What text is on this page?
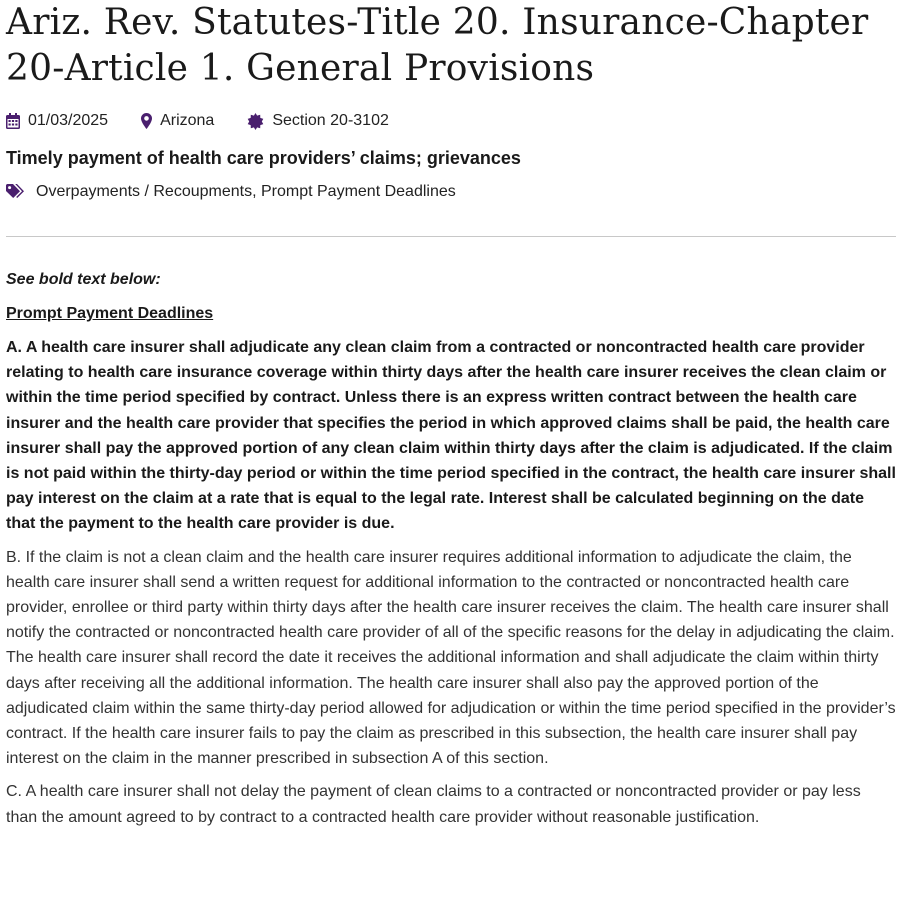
Ariz. Rev. Statutes-Title 20. Insurance-Chapter 20-Article 1. General Provisions
01/03/2025	Arizona	Section 20-3102
Timely payment of health care providers’ claims; grievances
Overpayments / Recoupments, Prompt Payment Deadlines
See bold text below:
Prompt Payment Deadlines

A. A health care insurer shall adjudicate any clean claim from a contracted or noncontracted health care provider relating to health care insurance coverage within thirty days after the health care insurer receives the clean claim or within the time period specified by contract. Unless there is an express written contract between the health care insurer and the health care provider that specifies the period in which approved claims shall be paid, the health care insurer shall pay the approved portion of any clean claim within thirty days after the claim is adjudicated. If the claim is not paid within the thirty-day period or within the time period specified in the contract, the health care insurer shall pay interest on the claim at a rate that is equal to the legal rate. Interest shall be calculated beginning on the date that the payment to the health care provider is due.

B. If the claim is not a clean claim and the health care insurer requires additional information to adjudicate the claim, the health care insurer shall send a written request for additional information to the contracted or noncontracted health care provider, enrollee or third party within thirty days after the health care insurer receives the claim. The health care insurer shall notify the contracted or noncontracted health care provider of all of the specific reasons for the delay in adjudicating the claim. The health care insurer shall record the date it receives the additional information and shall adjudicate the claim within thirty days after receiving all the additional information. The health care insurer shall also pay the approved portion of the adjudicated claim within the same thirty-day period allowed for adjudication or within the time period specified in the provider’s contract. If the health care insurer fails to pay the claim as prescribed in this subsection, the health care insurer shall pay interest on the claim in the manner prescribed in subsection A of this section.

C. A health care insurer shall not delay the payment of clean claims to a contracted or noncontracted provider or pay less than the amount agreed to by contract to a contracted health care provider without reasonable justification.
